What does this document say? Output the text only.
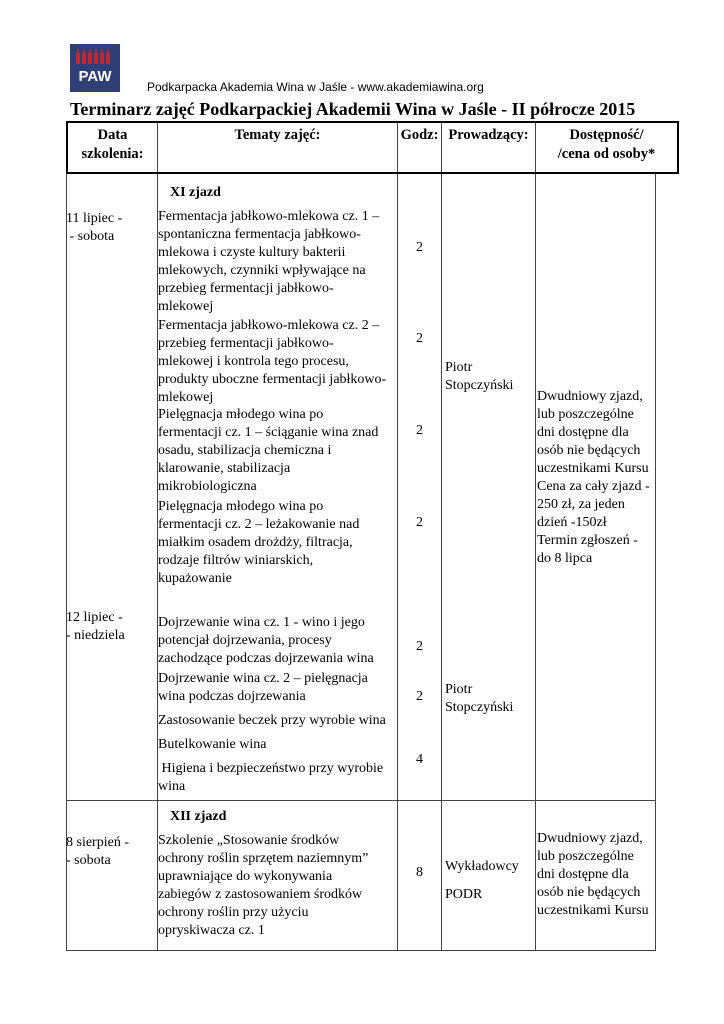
PAW
Podkarpacka Akademia Wina w Jaśle - www.akademiawina.org
Terminarz zajęć Podkarpackiej Akademii Wina w Jaśle - II półrocze 2015
Data
szkolenia:
Tematy zajęć:	Godz: Prowadzący:	Dostępność/
/cena od osoby*
XI zjazd
11 lipiec -
- sobota
Fermentacja jabłkowo-mlekowa cz. 1 –
spontaniczna fermentacja jabłkowo-
mlekowa i czyste kultury bakterii
mlekowych, czynniki wpływające na
przebieg fermentacji jabłkowo-
mlekowej
Fermentacja jabłkowo-mlekowa cz. 2 –
przebieg fermentacji jabłkowo-
mlekowej i kontrola tego procesu,
produkty uboczne fermentacji jabłkowo-
mlekowej
Pielęgnacja młodego wina po
fermentacji cz. 1 – ściąganie wina znad
osadu, stabilizacja chemiczna i
klarowanie, stabilizacja
mikrobiologiczna
Pielęgnacja młodego wina po
fermentacji cz. 2 – leżakowanie nad
miałkim osadem drożdży, filtracja,
rodzaje filtrów winiarskich,
kupażowanie
2
2
2
2
Piotr
Stopczyński
Dwudniowy zjazd,
lub poszczególne
dni dostępne dla
osób nie będących
uczestnikami Kursu
Cena za cały zjazd -
250 zł, za jeden
dzień -150zł
Termin zgłoszeń -
do 8 lipca
12 lipiec -
- niedziela
Dojrzewanie wina cz. 1 - wino i jego
potencjał dojrzewania, procesy
zachodzące podczas dojrzewania wina
Dojrzewanie wina cz. 2 – pielęgnacja
wina podczas dojrzewania
Zastosowanie beczek przy wyrobie wina
Butelkowanie wina
Higiena i bezpieczeństwo przy wyrobie
wina
2
2
4
Piotr
Stopczyński
XII zjazd
8 sierpień -
- sobota
Szkolenie „Stosowanie środków
ochrony roślin sprzętem naziemnym”
uprawniające do wykonywania
zabiegów z zastosowaniem środków
ochrony roślin przy użyciu
opryskiwacza cz. 1
8 Wykładowcy
PODR
Dwudniowy zjazd,
lub poszczególne
dni dostępne dla
osób nie będących
uczestnikami Kursu
